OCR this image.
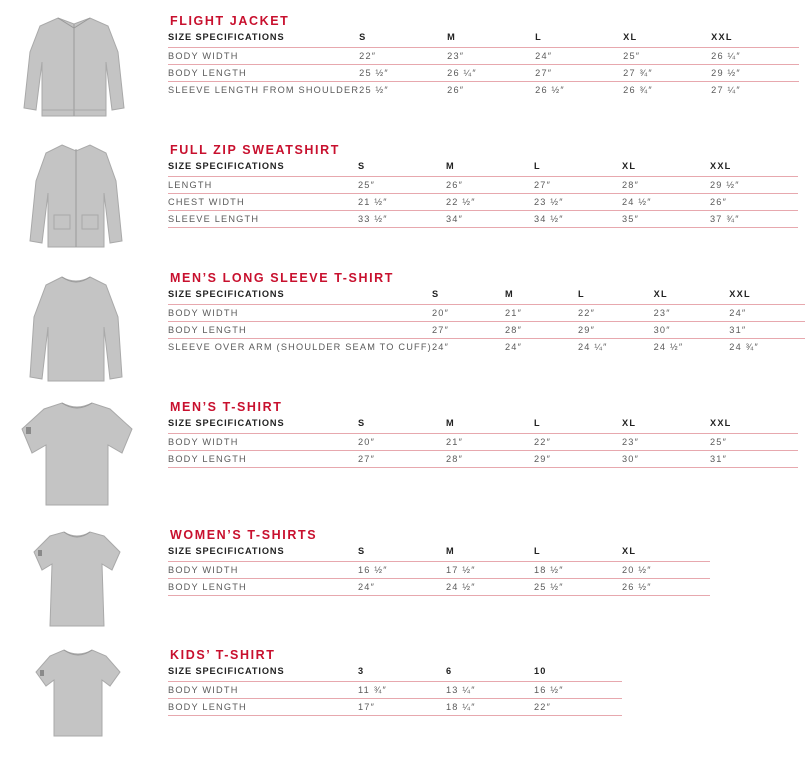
FLIGHT JACKET
SIZE SPECIFICATIONS	S	M	L	XL	XXL
BODY WIDTH	22″	23″	24″	25″	26 ¼″
BODY LENGTH	25 ½″	26 ¼″	27″	27 ¾″	29 ½″
SLEEVE LENGTH FROM SHOULDER	25 ½″	26″	26 ½″	26 ¾″	27 ¼″
FULL ZIP SWEATSHIRT
SIZE SPECIFICATIONS	S	M	L	XL	XXL
LENGTH	25″	26″	27″	28″	29 ½″
CHEST WIDTH	21 ½″	22 ½″	23 ½″	24 ½″	26″
SLEEVE LENGTH	33 ½″	34″	34 ½″	35″	37 ¾″
MEN’S LONG SLEEVE T-SHIRT
SIZE SPECIFICATIONS	S	M	L	XL	XXL
BODY WIDTH	20″	21″	22″	23″	24″
BODY LENGTH	27″	28″	29″	30″	31″
SLEEVE OVER ARM (SHOULDER SEAM TO CUFF)	24″	24″	24 ¼″	24 ½″	24 ¾″
MEN’S T-SHIRT
SIZE SPECIFICATIONS	S	M	L	XL	XXL
BODY WIDTH	20″	21″	22″	23″	25″
BODY LENGTH	27″	28″	29″	30″	31″
WOMEN’S T-SHIRTS
SIZE SPECIFICATIONS	S	M	L	XL
BODY WIDTH	16 ½″	17 ½″	18 ½″	20 ½″
BODY LENGTH	24″	24 ½″	25 ½″	26 ½″
KIDS’ T-SHIRT
SIZE SPECIFICATIONS	3	6	10
BODY WIDTH	11 ¾″	13 ¼″	16 ½″
BODY LENGTH	17″	18 ¼″	22″
